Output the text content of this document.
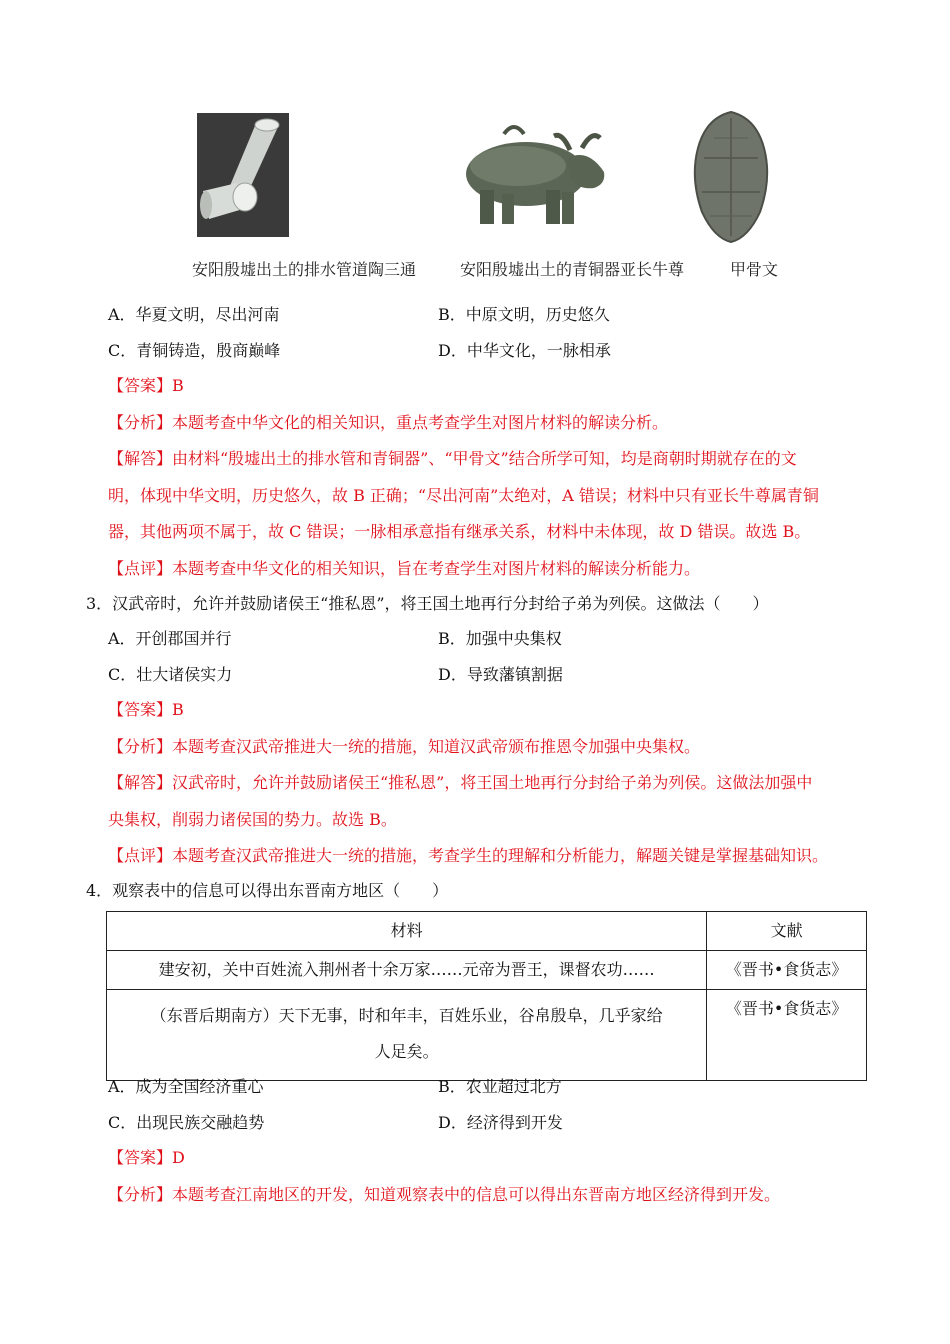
安阳殷墟出土的排水管道陶三通	安阳殷墟出土的青铜器亚长牛尊	甲骨文
A．华夏文明，尽出河南	B．中原文明，历史悠久
C．青铜铸造，殷商巅峰	D．中华文化，一脉相承
【答案】B
【分析】本题考查中华文化的相关知识，重点考查学生对图片材料的解读分析。
【解答】由材料“殷墟出土的排水管和青铜器”、“甲骨文”结合所学可知，均是商朝时期就存在的文
明，体现中华文明，历史悠久，故 B 正确；“尽出河南”太绝对，A 错误；材料中只有亚长牛尊属青铜
器，其他两项不属于，故 C 错误；一脉相承意指有继承关系，材料中未体现，故 D 错误。故选 B。
【点评】本题考查中华文化的相关知识，旨在考查学生对图片材料的解读分析能力。
3．汉武帝时，允许并鼓励诸侯王“推私恩”，将王国土地再行分封给子弟为列侯。这做法（　　）
A．开创郡国并行	B．加强中央集权
C．壮大诸侯实力	D．导致藩镇割据
【答案】B
【分析】本题考查汉武帝推进大一统的措施，知道汉武帝颁布推恩令加强中央集权。
【解答】汉武帝时，允许并鼓励诸侯王“推私恩”，将王国土地再行分封给子弟为列侯。这做法加强中
央集权，削弱力诸侯国的势力。故选 B。
【点评】本题考查汉武帝推进大一统的措施，考查学生的理解和分析能力，解题关键是掌握基础知识。
4．观察表中的信息可以得出东晋南方地区（　　）
材料	文献
建安初，关中百姓流入荆州者十余万家……元帝为晋王，课督农功……	《晋书•食货志》
（东晋后期南方）天下无事，时和年丰，百姓乐业，谷帛殷阜，几乎家给人足矣。	《晋书•食货志》
A．成为全国经济重心	B．农业超过北方
C．出现民族交融趋势	D．经济得到开发
【答案】D
【分析】本题考查江南地区的开发，知道观察表中的信息可以得出东晋南方地区经济得到开发。
